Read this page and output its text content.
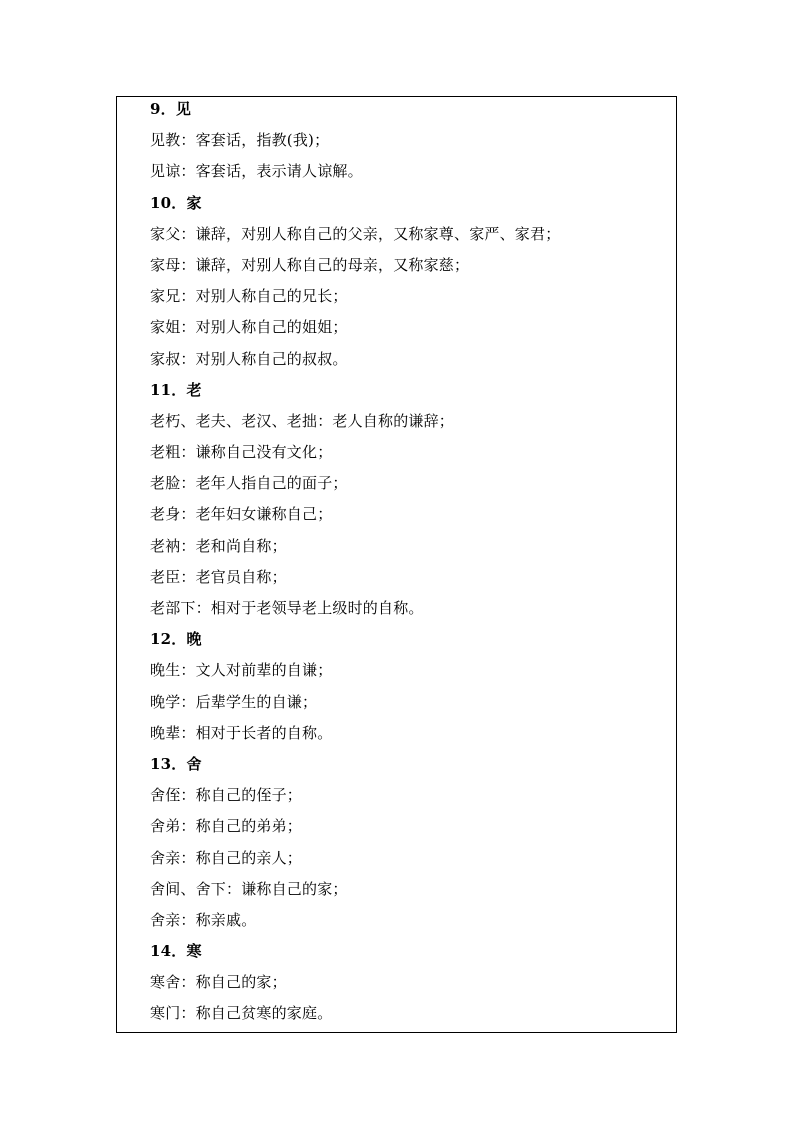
9．见
见教：客套话，指教(我)；
见谅：客套话，表示请人谅解。
10．家
家父：谦辞，对别人称自己的父亲，又称家尊、家严、家君；
家母：谦辞，对别人称自己的母亲，又称家慈；
家兄：对别人称自己的兄长；
家姐：对别人称自己的姐姐；
家叔：对别人称自己的叔叔。
11．老
老朽、老夫、老汉、老拙：老人自称的谦辞；
老粗：谦称自己没有文化；
老脸：老年人指自己的面子；
老身：老年妇女谦称自己；
老衲：老和尚自称；
老臣：老官员自称；
老部下：相对于老领导老上级时的自称。
12．晚
晚生：文人对前辈的自谦；
晚学：后辈学生的自谦；
晚辈：相对于长者的自称。
13．舍
舍侄：称自己的侄子；
舍弟：称自己的弟弟；
舍亲：称自己的亲人；
舍间、舍下：谦称自己的家；
舍亲：称亲戚。
14．寒
寒舍：称自己的家；
寒门：称自己贫寒的家庭。
